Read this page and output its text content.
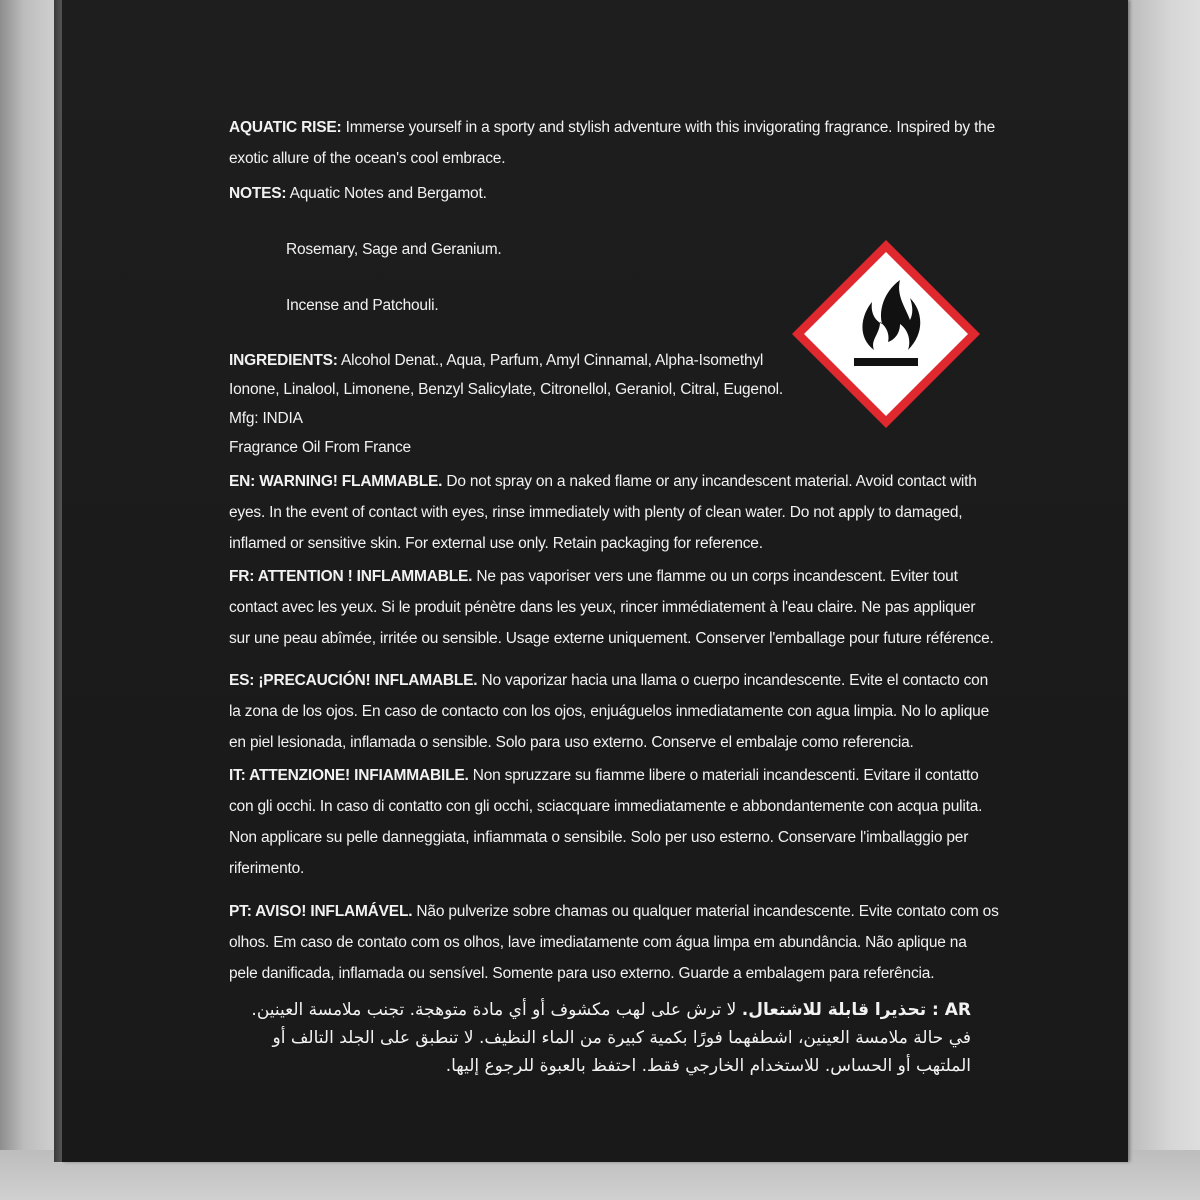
AQUATIC RISE: Immerse yourself in a sporty and stylish adventure with this invigorating fragrance. Inspired by the exotic allure of the ocean's cool embrace.
NOTES: Aquatic Notes and Bergamot.
Rosemary, Sage and Geranium.
Incense and Patchouli.
INGREDIENTS: Alcohol Denat., Aqua, Parfum, Amyl Cinnamal, Alpha-Isomethyl Ionone, Linalool, Limonene, Benzyl Salicylate, Citronellol, Geraniol, Citral, Eugenol.
Mfg: INDIA
Fragrance Oil From France
EN: WARNING! FLAMMABLE. Do not spray on a naked flame or any incandescent material. Avoid contact with eyes. In the event of contact with eyes, rinse immediately with plenty of clean water. Do not apply to damaged, inflamed or sensitive skin. For external use only. Retain packaging for reference.
FR: ATTENTION ! INFLAMMABLE. Ne pas vaporiser vers une flamme ou un corps incandescent. Eviter tout contact avec les yeux. Si le produit pénètre dans les yeux, rincer immédiatement à l'eau claire. Ne pas appliquer sur une peau abîmée, irritée ou sensible. Usage externe uniquement. Conserver l'emballage pour future référence.
ES: ¡PRECAUCIÓN! INFLAMABLE. No vaporizar hacia una llama o cuerpo incandescente. Evite el contacto con la zona de los ojos. En caso de contacto con los ojos, enjuáguelos inmediatamente con agua limpia. No lo aplique en piel lesionada, inflamada o sensible. Solo para uso externo. Conserve el embalaje como referencia.
IT: ATTENZIONE! INFIAMMABILE. Non spruzzare su fiamme libere o materiali incandescenti. Evitare il contatto con gli occhi. In caso di contatto con gli occhi, sciacquare immediatamente e abbondantemente con acqua pulita. Non applicare su pelle danneggiata, infiammata o sensibile. Solo per uso esterno. Conservare l'imballaggio per riferimento.
PT: AVISO! INFLAMÁVEL. Não pulverize sobre chamas ou qualquer material incandescente. Evite contato com os olhos. Em caso de contato com os olhos, lave imediatamente com água limpa em abundância. Não aplique na pele danificada, inflamada ou sensível. Somente para uso externo. Guarde a embalagem para referência.
AR : تحذيرا قابلة للاشتعال. لا ترش على لهب مكشوف أو أي مادة متوهجة. تجنب ملامسة العينين. في حالة ملامسة العينين، اشطفهما فورًا بكمية كبيرة من الماء النظيف. لا تنطبق على الجلد التالف أو الملتهب أو الحساس. للاستخدام الخارجي فقط. احتفظ بالعبوة للرجوع إليها.
